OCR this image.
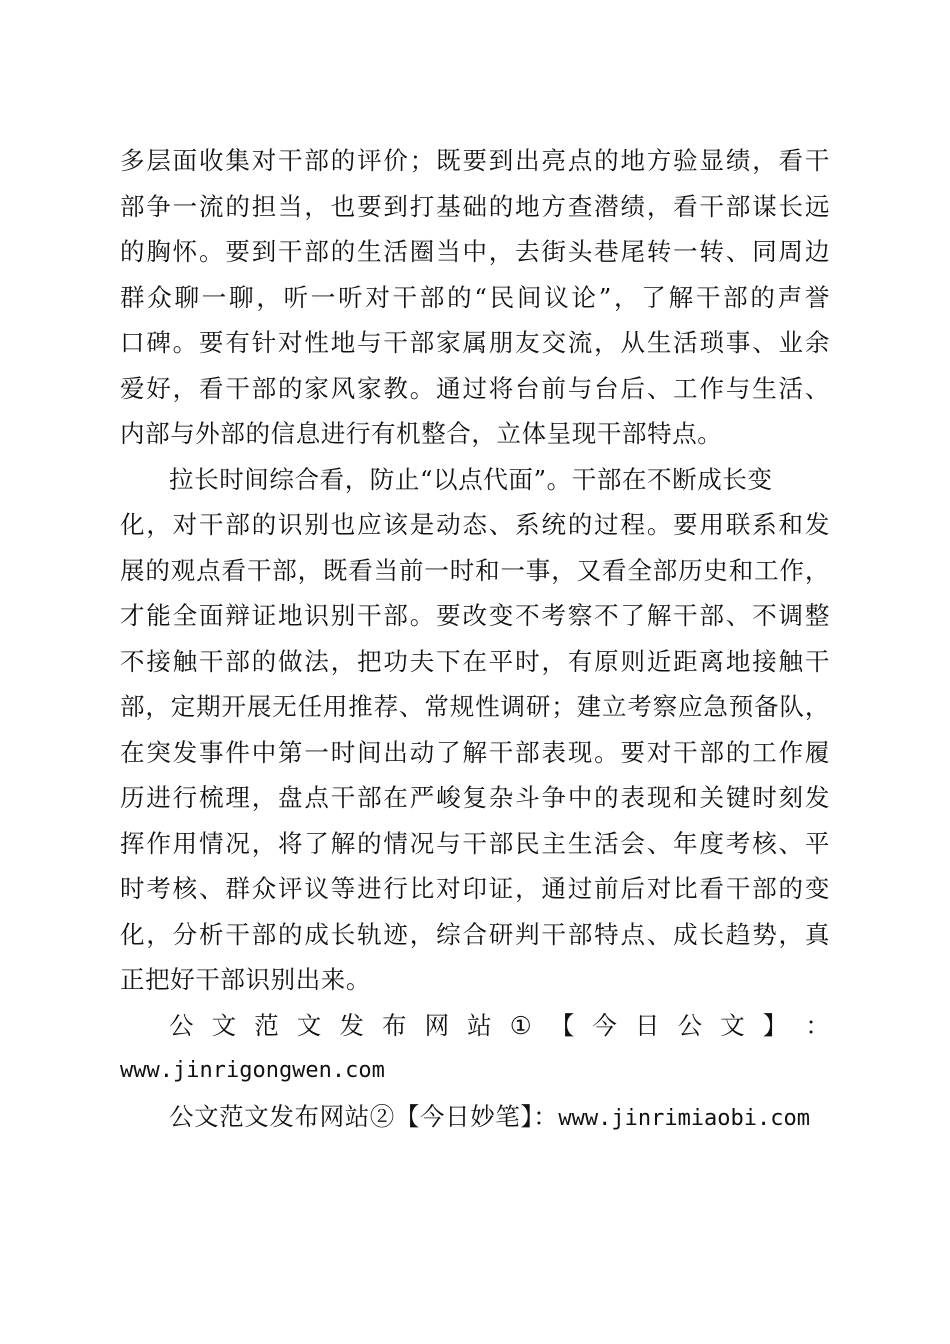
多层面收集对干部的评价；既要到出亮点的地方验显绩，看干
部争一流的担当，也要到打基础的地方查潜绩，看干部谋长远
的胸怀。要到干部的生活圈当中，去街头巷尾转一转、同周边
群众聊一聊，听一听对干部的“民间议论”，了解干部的声誉
口碑。要有针对性地与干部家属朋友交流，从生活琐事、业余
爱好，看干部的家风家教。通过将台前与台后、工作与生活、
内部与外部的信息进行有机整合，立体呈现干部特点。
拉长时间综合看，防止“以点代面”。干部在不断成长变
化，对干部的识别也应该是动态、系统的过程。要用联系和发
展的观点看干部，既看当前一时和一事，又看全部历史和工作，
才能全面辩证地识别干部。要改变不考察不了解干部、不调整
不接触干部的做法，把功夫下在平时，有原则近距离地接触干
部，定期开展无任用推荐、常规性调研；建立考察应急预备队，
在突发事件中第一时间出动了解干部表现。要对干部的工作履
历进行梳理，盘点干部在严峻复杂斗争中的表现和关键时刻发
挥作用情况，将了解的情况与干部民主生活会、年度考核、平
时考核、群众评议等进行比对印证，通过前后对比看干部的变
化，分析干部的成长轨迹，综合研判干部特点、成长趋势，真
正把好干部识别出来。
公 文 范 文 发 布 网 站 ① 【 今 日 公 文 】 ：
www.jinrigongwen.com
公文范文发布网站②【今日妙笔】：www.jinrimiaobi.com
